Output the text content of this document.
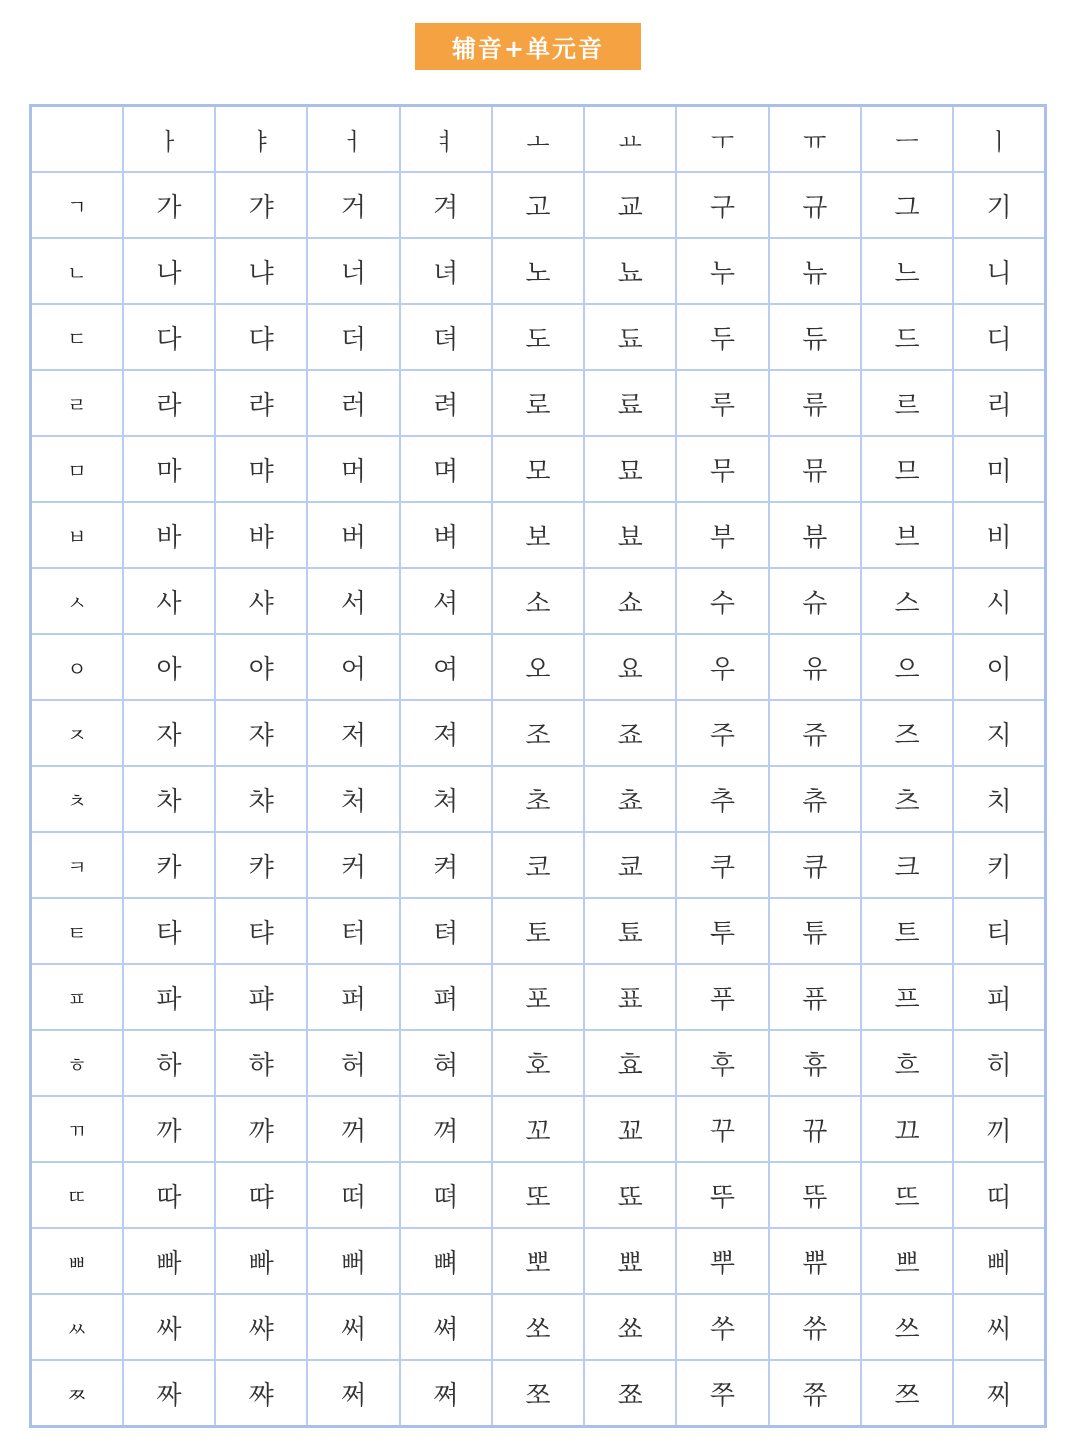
辅音+单元音
	ㅏ	ㅑ	ㅓ	ㅕ	ㅗ	ㅛ	ㅜ	ㅠ	ㅡ	ㅣ
ㄱ	가	갸	거	겨	고	교	구	규	그	기
ㄴ	나	냐	너	녀	노	뇨	누	뉴	느	니
ㄷ	다	댜	더	뎌	도	됴	두	듀	드	디
ㄹ	라	랴	러	려	로	료	루	류	르	리
ㅁ	마	먀	머	며	모	묘	무	뮤	므	미
ㅂ	바	뱌	버	벼	보	뵤	부	뷰	브	비
ㅅ	사	샤	서	셔	소	쇼	수	슈	스	시
ㅇ	아	야	어	여	오	요	우	유	으	이
ㅈ	자	쟈	저	져	조	죠	주	쥬	즈	지
ㅊ	차	챠	처	쳐	초	쵸	추	츄	츠	치
ㅋ	카	캬	커	켜	코	쿄	쿠	큐	크	키
ㅌ	타	탸	터	텨	토	툐	투	튜	트	티
ㅍ	파	퍄	퍼	펴	포	표	푸	퓨	프	피
ㅎ	하	햐	허	혀	호	효	후	휴	흐	히
ㄲ	까	꺄	꺼	껴	꼬	꾜	꾸	뀨	끄	끼
ㄸ	따	땨	떠	뗘	또	뚀	뚜	뜌	뜨	띠
ㅃ	빠	빠	뻐	뼈	뽀	뾰	뿌	쀼	쁘	삐
ㅆ	싸	쌰	써	쎠	쏘	쑈	쑤	쓔	쓰	씨
ㅉ	짜	쨔	쩌	쪄	쪼	쬬	쭈	쮸	쯔	찌
